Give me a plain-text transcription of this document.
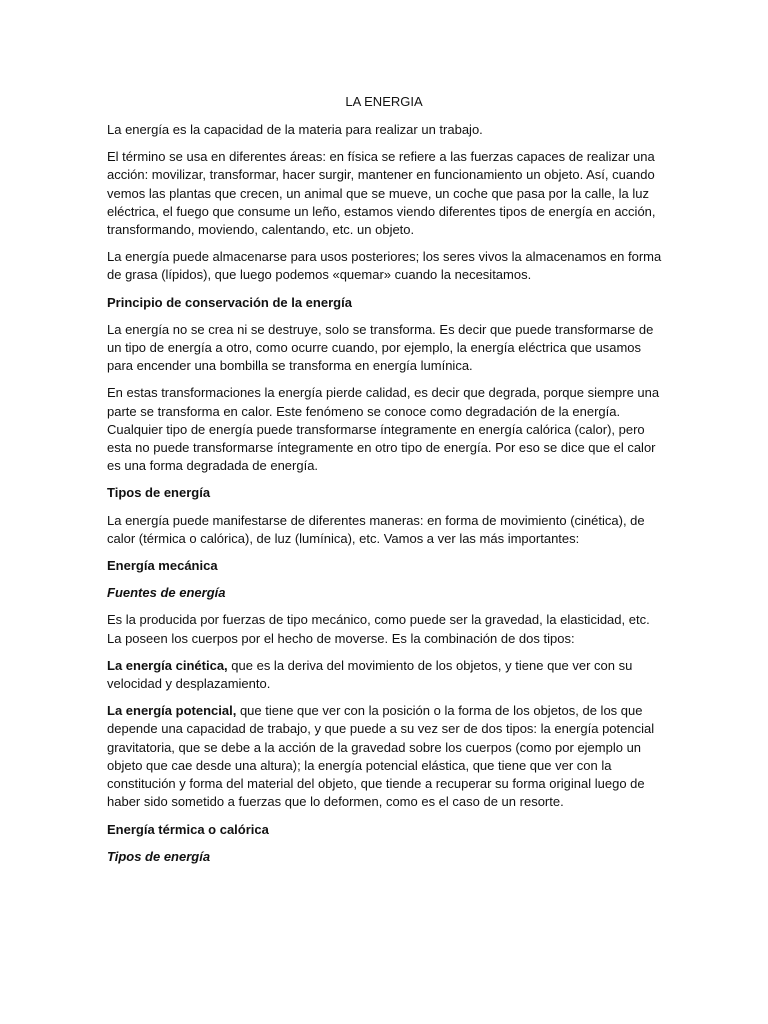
LA ENERGIA

La energía es la capacidad de la materia para realizar un trabajo.

El término se usa en diferentes áreas: en física se refiere a las fuerzas capaces de realizar una acción: movilizar, transformar, hacer surgir, mantener en funcionamiento un objeto. Así, cuando vemos las plantas que crecen, un animal que se mueve, un coche que pasa por la calle, la luz eléctrica, el fuego que consume un leño, estamos viendo diferentes tipos de energía en acción, transformando, moviendo, calentando, etc. un objeto.

La energía puede almacenarse para usos posteriores; los seres vivos la almacenamos en forma de grasa (lípidos), que luego podemos «quemar» cuando la necesitamos.

Principio de conservación de la energía

La energía no se crea ni se destruye, solo se transforma. Es decir que puede transformarse de un tipo de energía a otro, como ocurre cuando, por ejemplo, la energía eléctrica que usamos para encender una bombilla se transforma en energía lumínica.

En estas transformaciones la energía pierde calidad, es decir que degrada, porque siempre una parte se transforma en calor. Este fenómeno se conoce como degradación de la energía. Cualquier tipo de energía puede transformarse íntegramente en energía calórica (calor), pero esta no puede transformarse íntegramente en otro tipo de energía. Por eso se dice que el calor es una forma degradada de energía.

Tipos de energía

La energía puede manifestarse de diferentes maneras: en forma de movimiento (cinética), de calor (térmica o calórica), de luz (lumínica), etc. Vamos a ver las más importantes:

Energía mecánica

Fuentes de energía

Es la producida por fuerzas de tipo mecánico, como puede ser la gravedad, la elasticidad, etc. La poseen los cuerpos por el hecho de moverse. Es la combinación de dos tipos:

La energía cinética, que es la deriva del movimiento de los objetos, y tiene que ver con su velocidad y desplazamiento.

La energía potencial, que tiene que ver con la posición o la forma de los objetos, de los que depende una capacidad de trabajo, y que puede a su vez ser de dos tipos: la energía potencial gravitatoria, que se debe a la acción de la gravedad sobre los cuerpos (como por ejemplo un objeto que cae desde una altura); la energía potencial elástica, que tiene que ver con la constitución y forma del material del objeto, que tiende a recuperar su forma original luego de haber sido sometido a fuerzas que lo deformen, como es el caso de un resorte.

Energía térmica o calórica

Tipos de energía
